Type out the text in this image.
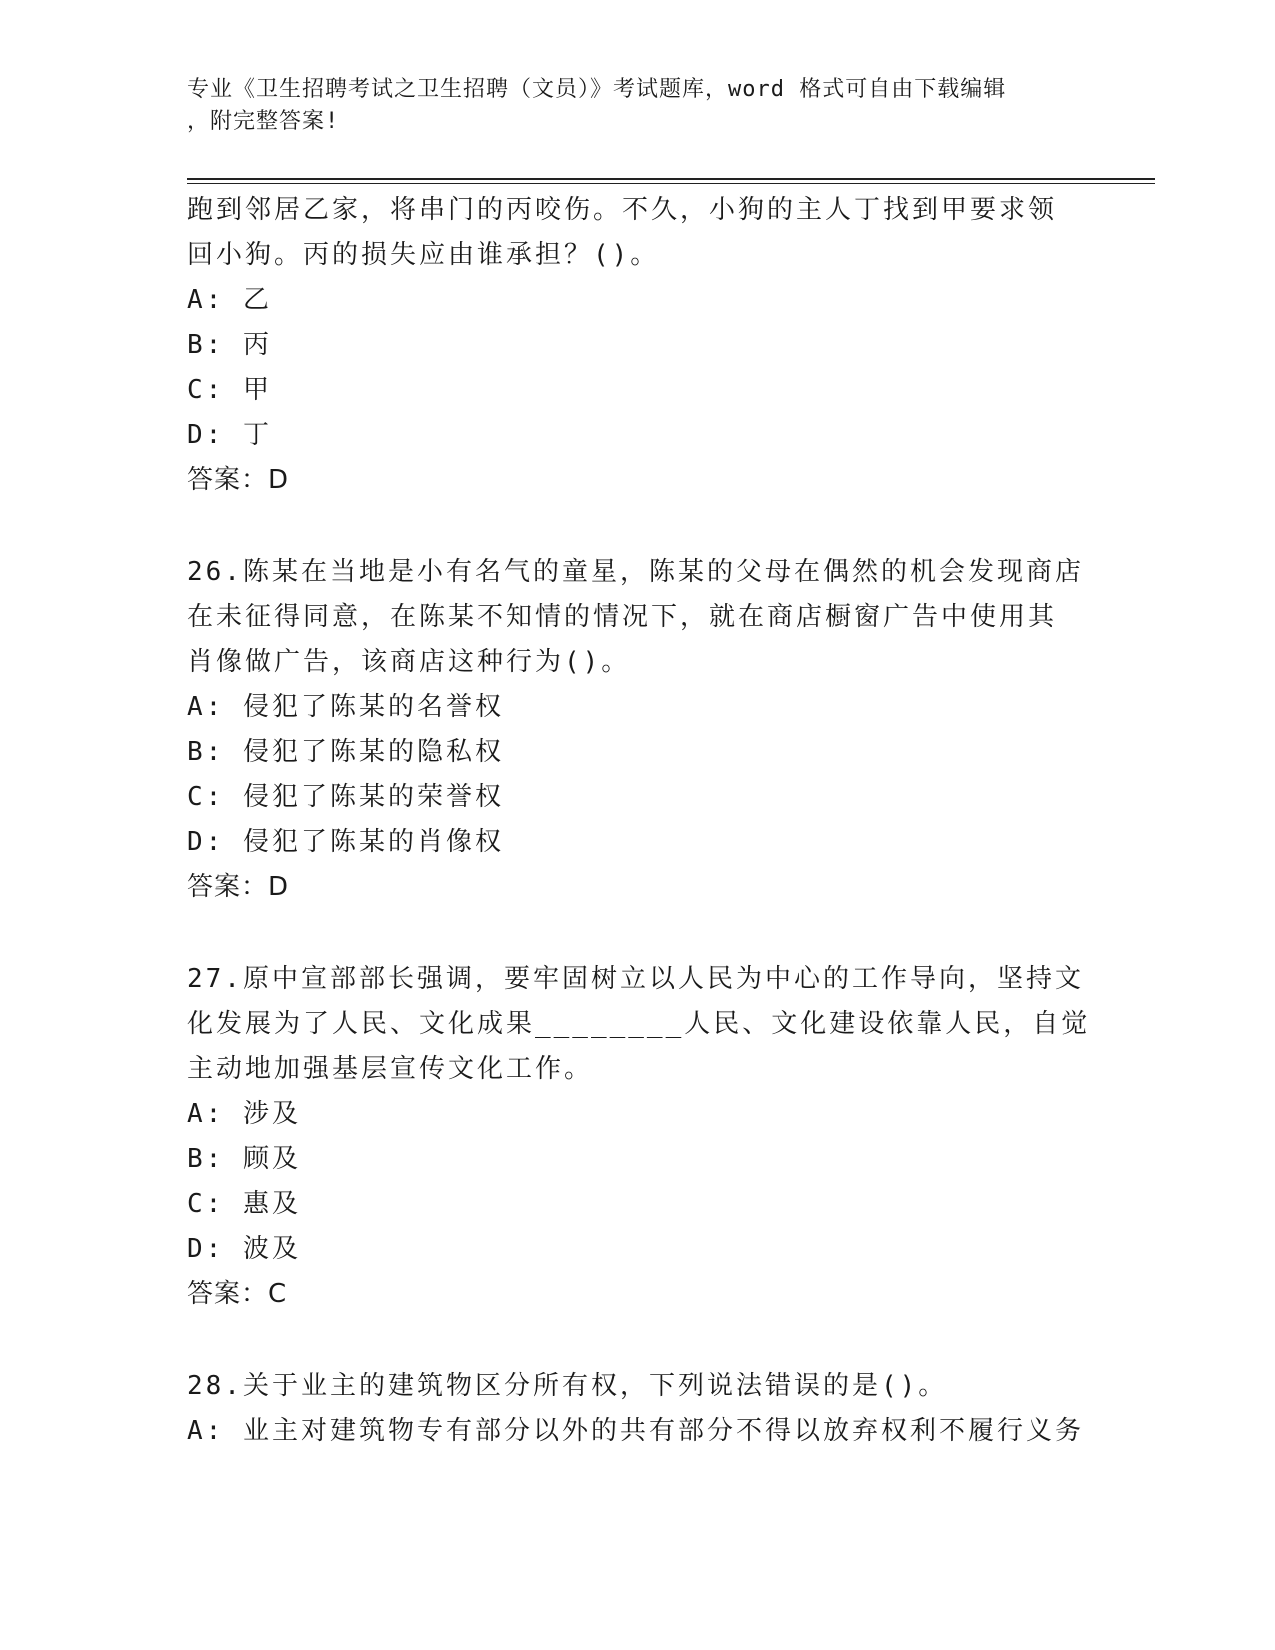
专业《卫生招聘考试之卫生招聘（文员）》考试题库，word 格式可自由下载编辑
，附完整答案!
跑到邻居乙家，将串门的丙咬伤。不久，小狗的主人丁找到甲要求领
回小狗。丙的损失应由谁承担？()。
A: 乙
B: 丙
C: 甲
D: 丁
答案：D
26.陈某在当地是小有名气的童星，陈某的父母在偶然的机会发现商店
在未征得同意，在陈某不知情的情况下，就在商店橱窗广告中使用其
肖像做广告，该商店这种行为()。
A: 侵犯了陈某的名誉权
B: 侵犯了陈某的隐私权
C: 侵犯了陈某的荣誉权
D: 侵犯了陈某的肖像权
答案：D
27.原中宣部部长强调，要牢固树立以人民为中心的工作导向，坚持文
化发展为了人民、文化成果________人民、文化建设依靠人民，自觉
主动地加强基层宣传文化工作。
A: 涉及
B: 顾及
C: 惠及
D: 波及
答案：C
28.关于业主的建筑物区分所有权，下列说法错误的是()。
A: 业主对建筑物专有部分以外的共有部分不得以放弃权利不履行义务
